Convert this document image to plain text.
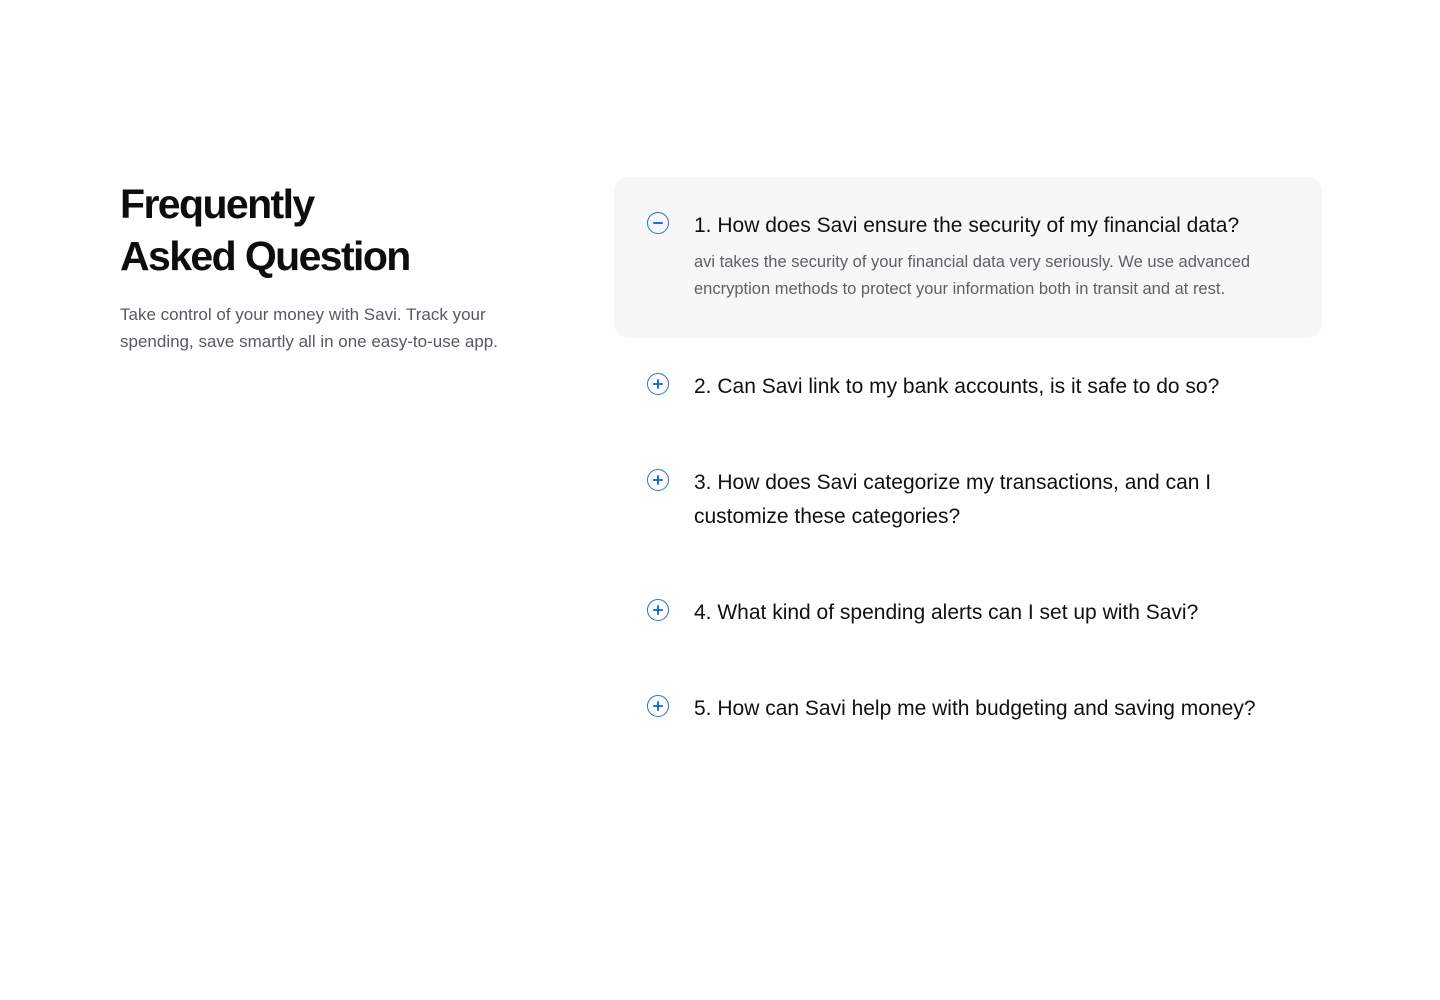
Frequently
Asked Question

Take control of your money with Savi. Track your spending, save smartly all in one easy-to-use app.

1. How does Savi ensure the security of my financial data?

avi takes the security of your financial data very seriously. We use advanced encryption methods to protect your information both in transit and at rest.

2. Can Savi link to my bank accounts, is it safe to do so?
3. How does Savi categorize my transactions, and can I customize these categories?
4. What kind of spending alerts can I set up with Savi?
5. How can Savi help me with budgeting and saving money?
